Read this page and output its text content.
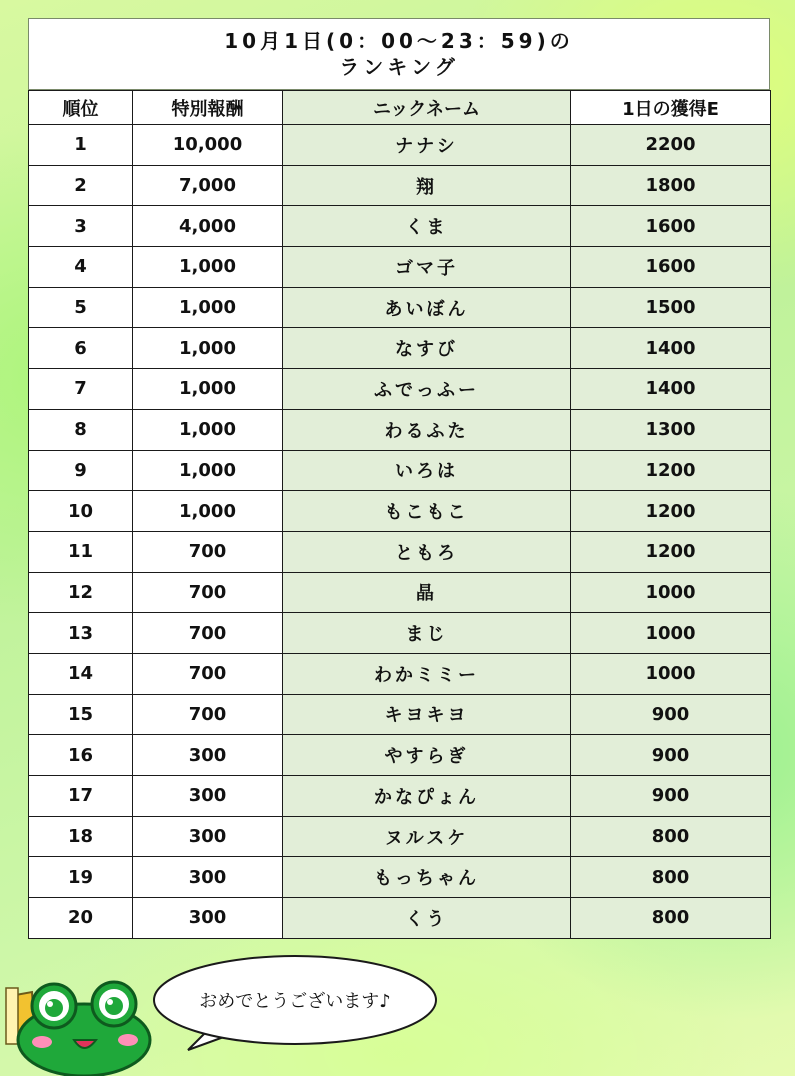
10月1日(0：00〜23：59)の
ランキング
順位	特別報酬	ニックネーム	1日の獲得E
1	10,000	ナナシ	2200
2	7,000	翔	1800
3	4,000	くま	1600
4	1,000	ゴマ子	1600
5	1,000	あいぼん	1500
6	1,000	なすび	1400
7	1,000	ふでっふー	1400
8	1,000	わるふた	1300
9	1,000	いろは	1200
10	1,000	もこもこ	1200
11	700	ともろ	1200
12	700	晶	1000
13	700	まじ	1000
14	700	わかミミー	1000
15	700	キヨキヨ	900
16	300	やすらぎ	900
17	300	かなぴょん	900
18	300	ヌルスケ	800
19	300	もっちゃん	800
20	300	くう	800
おめでとうございます♪
